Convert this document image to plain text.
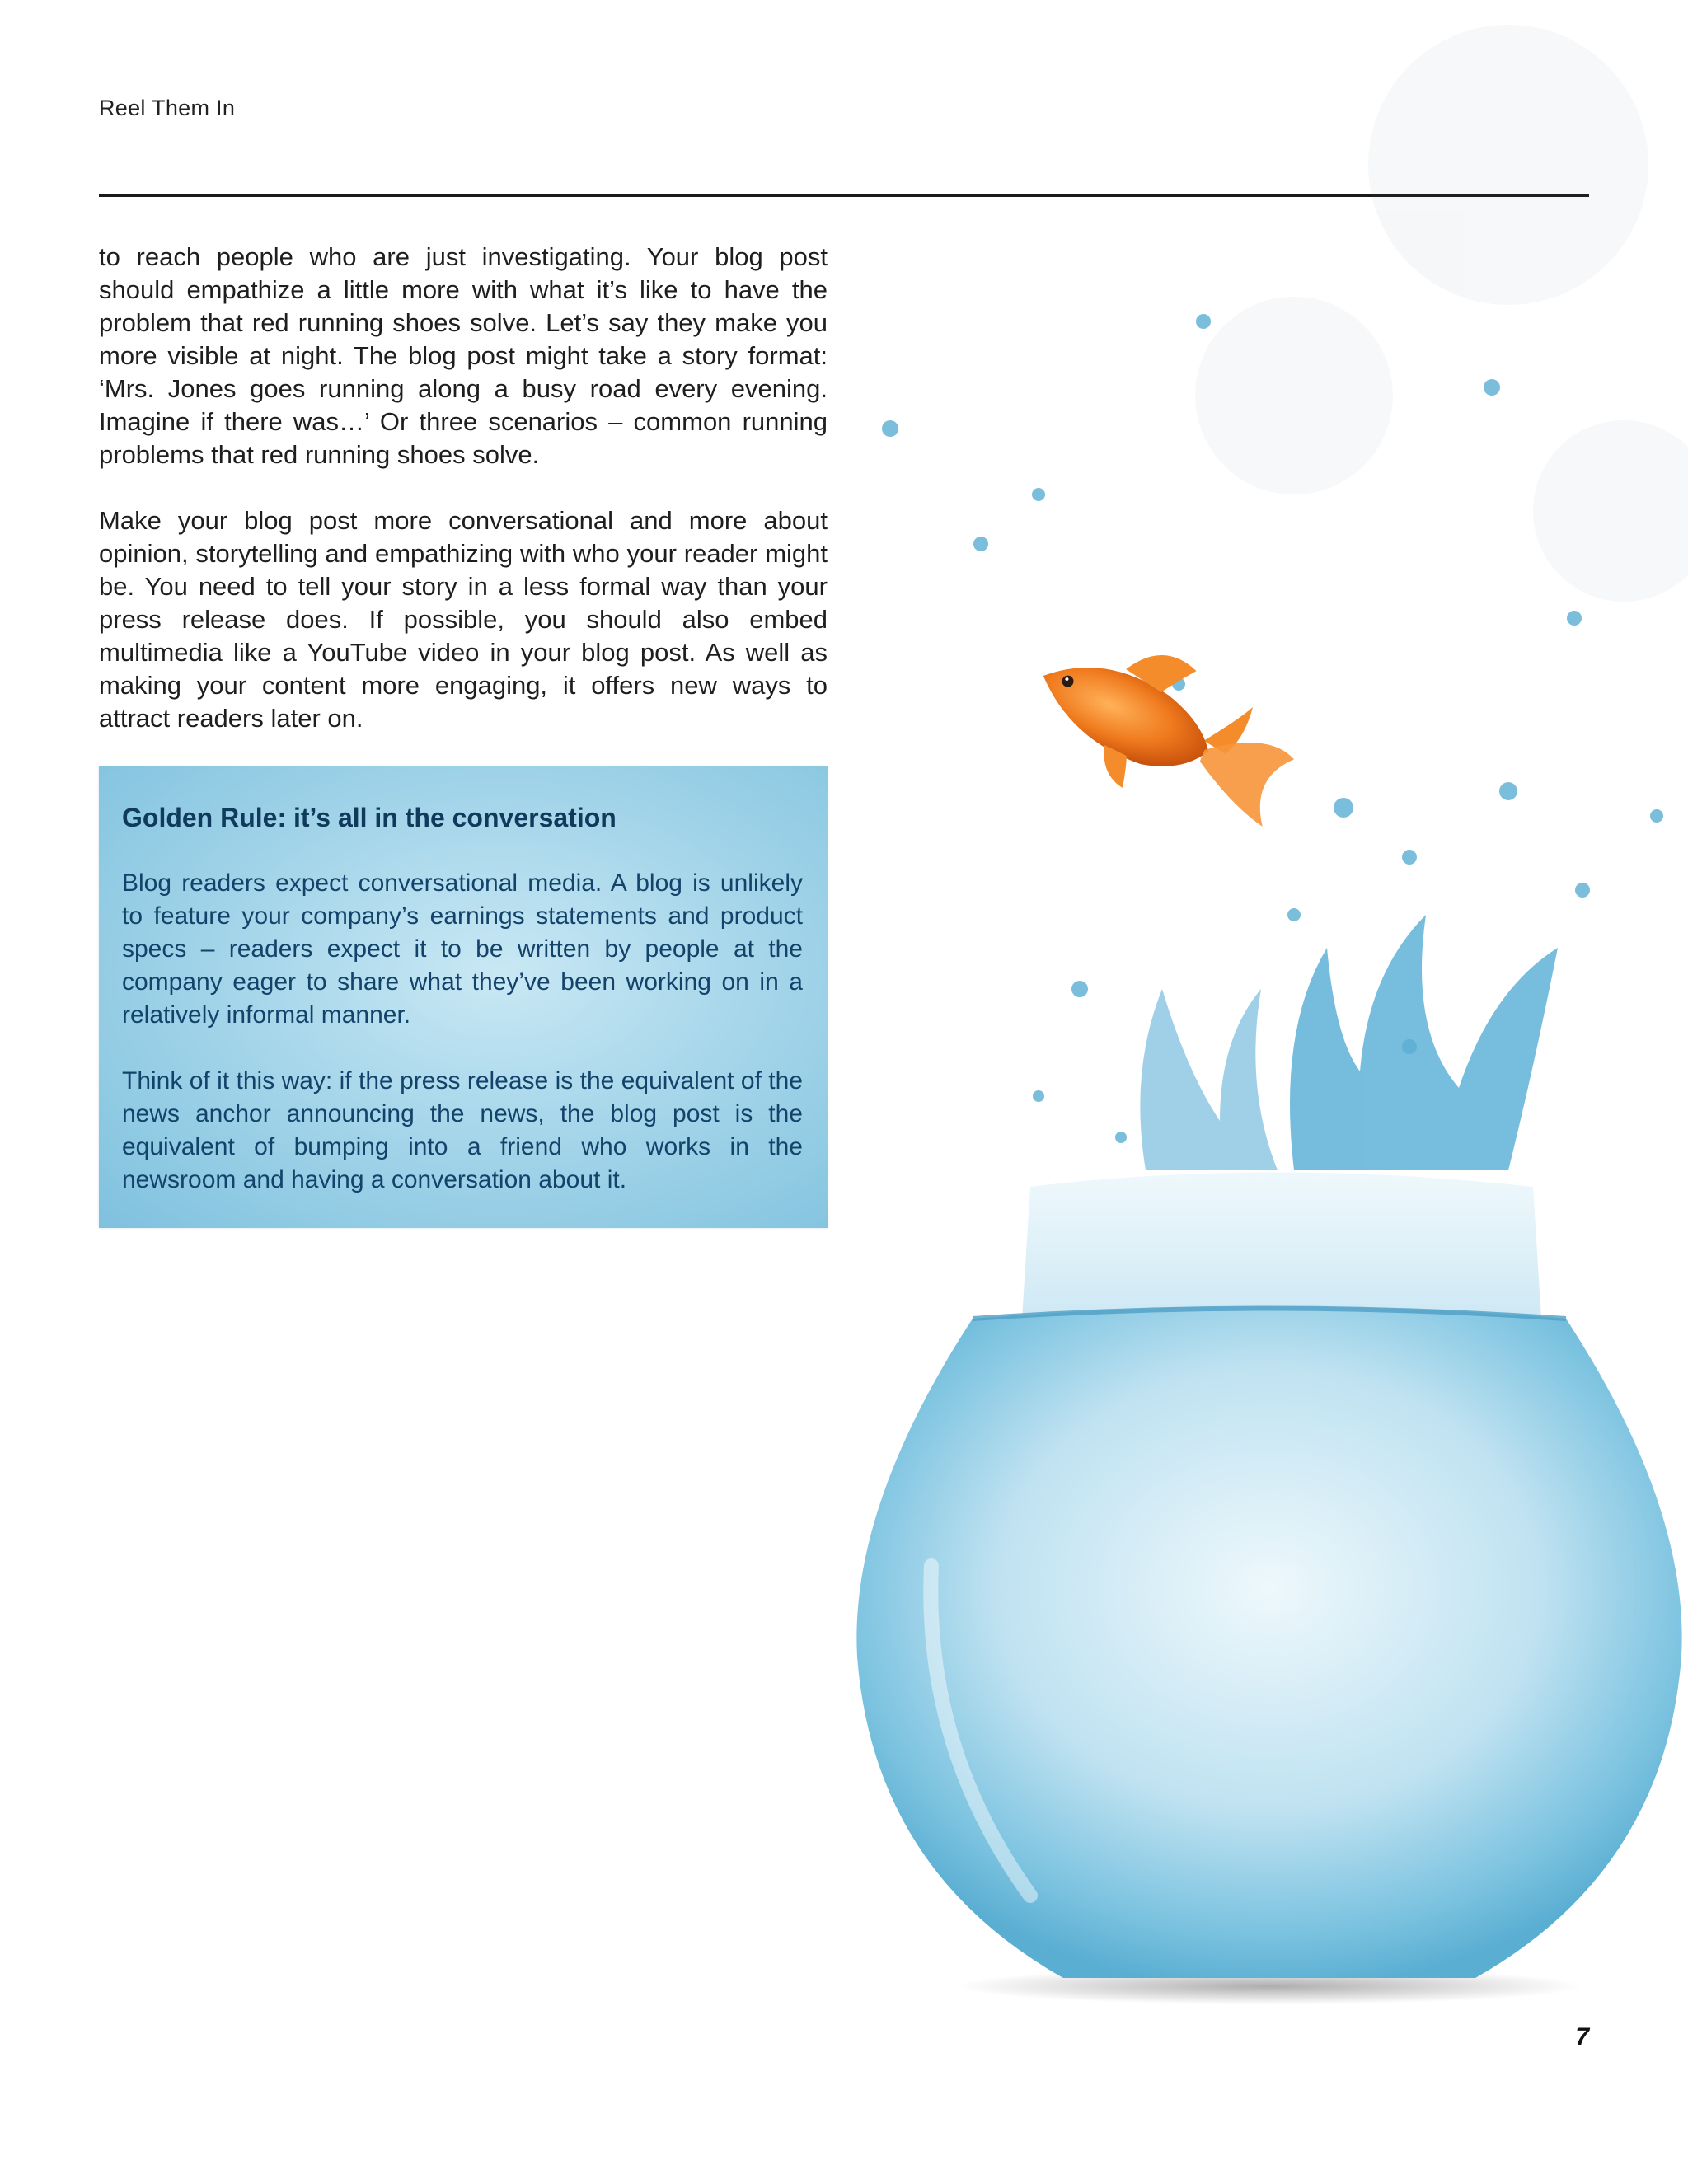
Reel Them In

to reach people who are just investigating. Your blog post should empathize a little more with what it’s like to have the problem that red running shoes solve. Let’s say they make you more visible at night. The blog post might take a story format: ‘Mrs. Jones goes running along a busy road every evening. Imagine if there was…’ Or three scenarios – common running problems that red running shoes solve.

Make your blog post more conversational and more about opinion, storytelling and empathizing with who your reader might be. You need to tell your story in a less formal way than your press release does. If possible, you should also embed multimedia like a YouTube video in your blog post. As well as making your content more engaging, it offers new ways to attract readers later on.

Golden Rule: it’s all in the conversation

Blog readers expect conversational media. A blog is unlikely to feature your company’s earnings statements and product specs – readers expect it to be written by people at the company eager to share what they’ve been working on in a relatively informal manner.

Think of it this way: if the press release is the equivalent of the news anchor announcing the news, the blog post is the equivalent of bumping into a friend who works in the newsroom and having a conversation about it.

7
